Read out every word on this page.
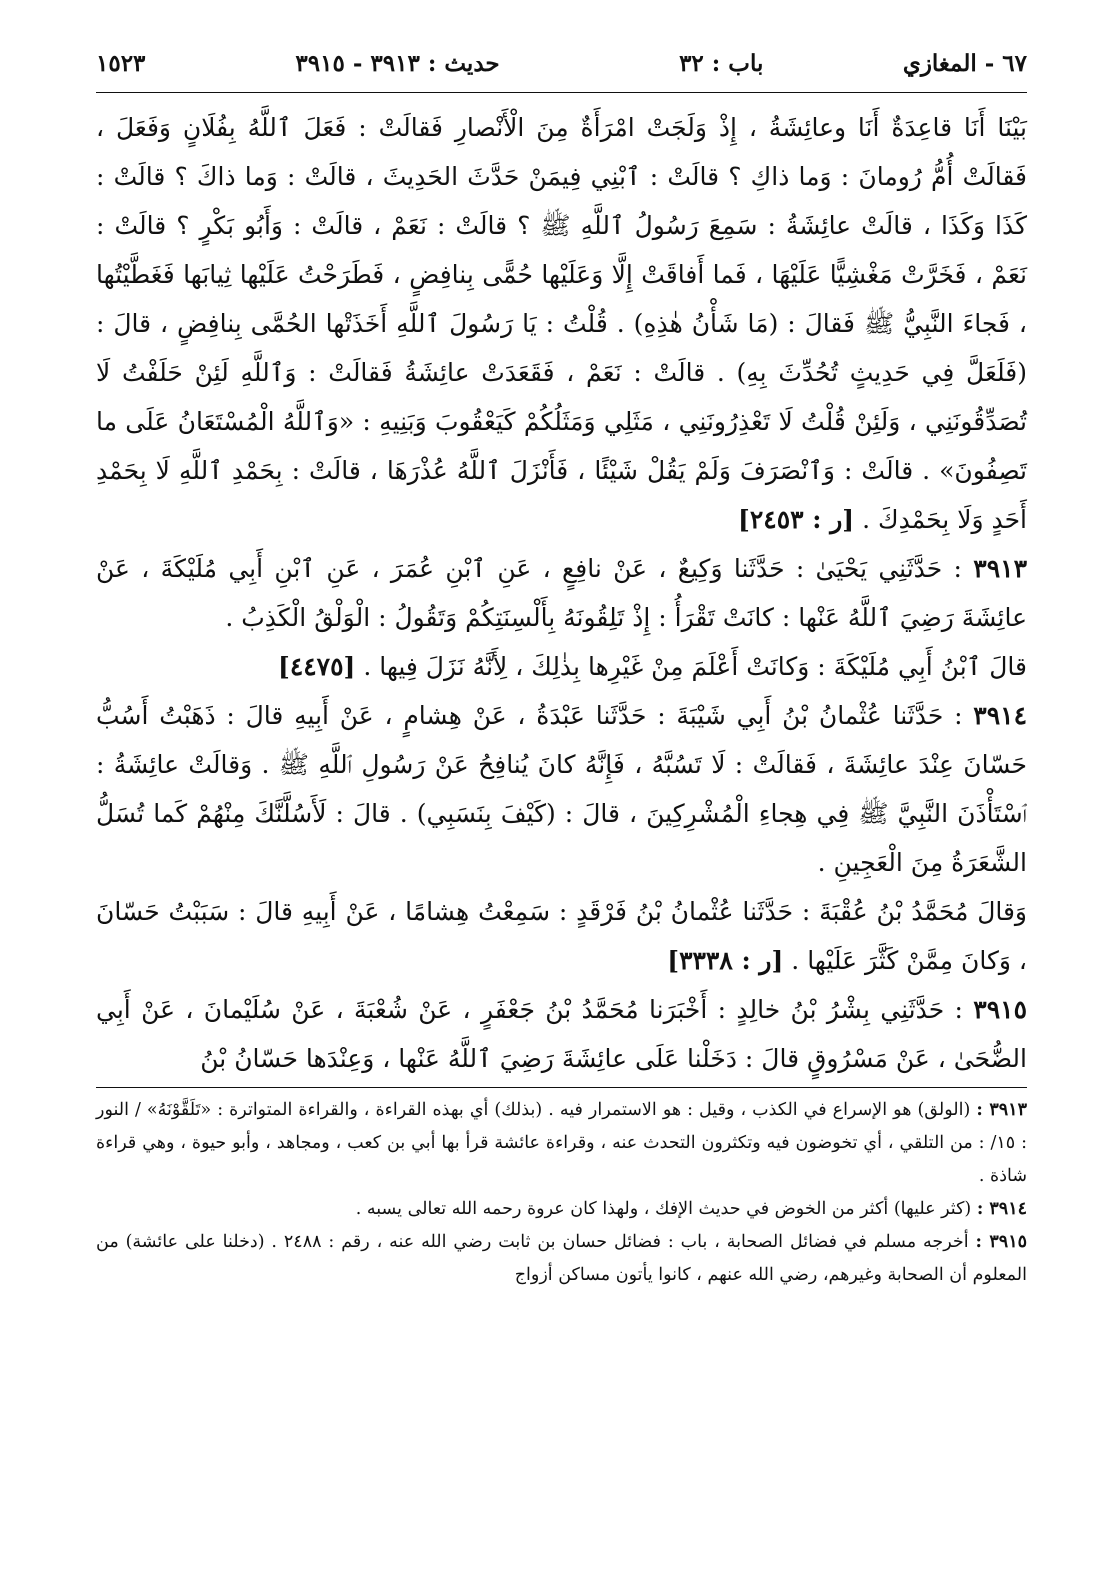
٦٧ - المغازي
باب : ٣٢
حديث : ٣٩١٣ - ٣٩١٥
١٥٢٣

بَيْنَا أَنَا قاعِدَةٌ أَنَا وعائِشَةُ ، إِذْ وَلَجَتْ امْرَأَةٌ مِنَ الْأَنْصارِ فَقالَتْ : فَعَلَ ٱللَّهُ بِفُلَانٍ وَفَعَلَ ، فَقالَتْ أُمُّ رُومانَ : وَما ذاكِ ؟ قالَتْ : ٱبْنِي فِيمَنْ حَدَّثَ الحَدِيثَ ، قالَتْ : وَما ذاكَ ؟ قالَتْ : كَذَا وَكَذَا ، قالَتْ عائِشَةُ : سَمِعَ رَسُولُ ٱللَّهِ ﷺ ؟ قالَتْ : نَعَمْ ، قالَتْ : وَأَبُو بَكْرٍ ؟ قالَتْ : نَعَمْ ، فَخَرَّتْ مَغْشِيًّا عَلَيْهَا ، فَما أَفاقَتْ إِلَّا وَعَلَيْها حُمًّى بِنافِضٍ ، فَطَرَحْتُ عَلَيْها ثِيابَها فَغَطَّيْتُها ، فَجاءَ النَّبِيُّ ﷺ فَقالَ : (مَا شَأْنُ هٰذِهِ) . قُلْتُ : يَا رَسُولَ ٱللَّهِ أَخَذَتْها الحُمَّى بِنافِضٍ ، قالَ : (فَلَعَلَّ فِي حَدِيثٍ تُحُدِّثَ بِهِ) . قالَتْ : نَعَمْ ، فَقَعَدَتْ عائِشَةُ فَقالَتْ : وَٱللَّهِ لَئِنْ حَلَفْتُ لَا تُصَدِّقُونَنِي ، وَلَئِنْ قُلْتُ لَا تَعْذِرُونَنِي ، مَثَلِي وَمَثَلُكُمْ كَيَعْقُوبَ وَبَنِيهِ : «وَٱللَّهُ الْمُسْتَعَانُ عَلَى ما تَصِفُونَ» . قالَتْ : وَٱنْصَرَفَ وَلَمْ يَقُلْ شَيْئًا ، فَأَنْزَلَ ٱللَّهُ عُذْرَهَا ، قالَتْ : بِحَمْدِ ٱللَّهِ لَا بِحَمْدِ أَحَدٍ وَلَا بِحَمْدِكَ . [ر : ٢٤٥٣]

٣٩١٣ : حَدَّثَنِي يَحْيَىٰ : حَدَّثَنا وَكِيعٌ ، عَنْ نافِعٍ ، عَنِ ٱبْنِ عُمَرَ ، عَنِ ٱبْنِ أَبِي مُلَيْكَةَ ، عَنْ عائِشَةَ رَضِيَ ٱللَّهُ عَنْها : كانَتْ تَقْرَأُ : إِذْ تَلِقُونَهُ بِأَلْسِنَتِكُمْ وَتَقُولُ : الْوَلْقُ الْكَذِبُ .

قالَ ٱبْنُ أَبِي مُلَيْكَةَ : وَكانَتْ أَعْلَمَ مِنْ غَيْرِها بِذٰلِكَ ، لِأَنَّهُ نَزَلَ فِيها . [٤٤٧٥]

٣٩١٤ : حَدَّثَنا عُثْمانُ بْنُ أَبِي شَيْبَةَ : حَدَّثَنا عَبْدَةُ ، عَنْ هِشامٍ ، عَنْ أَبِيهِ قالَ : ذَهَبْتُ أَسُبُّ حَسّانَ عِنْدَ عائِشَةَ ، فَقالَتْ : لَا تَسُبَّهُ ، فَإِنَّهُ كانَ يُنافِحُ عَنْ رَسُولِ ٱللَّهِ ﷺ . وَقالَتْ عائِشَةُ : ٱسْتَأْذَنَ النَّبِيَّ ﷺ فِي هِجاءِ الْمُشْرِكِينَ ، قالَ : (كَيْفَ بِنَسَبِي) . قالَ : لَأَسُلَّنَّكَ مِنْهُمْ كَما تُسَلُّ الشَّعَرَةُ مِنَ الْعَجِينِ .

وَقالَ مُحَمَّدُ بْنُ عُقْبَةَ : حَدَّثَنا عُثْمانُ بْنُ فَرْقَدٍ : سَمِعْتُ هِشامًا ، عَنْ أَبِيهِ قالَ : سَبَبْتُ حَسّانَ ، وَكانَ مِمَّنْ كَثَّرَ عَلَيْها . [ر : ٣٣٣٨]

٣٩١٥ : حَدَّثَنِي بِشْرُ بْنُ خالِدٍ : أَخْبَرَنا مُحَمَّدُ بْنُ جَعْفَرٍ ، عَنْ شُعْبَةَ ، عَنْ سُلَيْمانَ ، عَنْ أَبِي الضُّحَىٰ ، عَنْ مَسْرُوقٍ قالَ : دَخَلْنا عَلَى عائِشَةَ رَضِيَ ٱللَّهُ عَنْها ، وَعِنْدَها حَسّانُ بْنُ

٣٩١٣ : (الولق) هو الإسراع في الكذب ، وقيل : هو الاستمرار فيه . (بذلك) أي بهذه القراءة ، والقراءة المتواترة : «تَلَقَّوْنَهُ» / النور : ١٥/ : من التلقي ، أي تخوضون فيه وتكثرون التحدث عنه ، وقراءة عائشة قرأ بها أبي بن كعب ، ومجاهد ، وأبو حيوة ، وهي قراءة شاذة .

٣٩١٤ : (كثر عليها) أكثر من الخوض في حديث الإفك ، ولهذا كان عروة رحمه الله تعالى يسبه .

٣٩١٥ : أخرجه مسلم في فضائل الصحابة ، باب : فضائل حسان بن ثابت رضي الله عنه ، رقم : ٢٤٨٨ . (دخلنا على عائشة) من المعلوم أن الصحابة وغيرهم، رضي الله عنهم ، كانوا يأتون مساكن أزواج
